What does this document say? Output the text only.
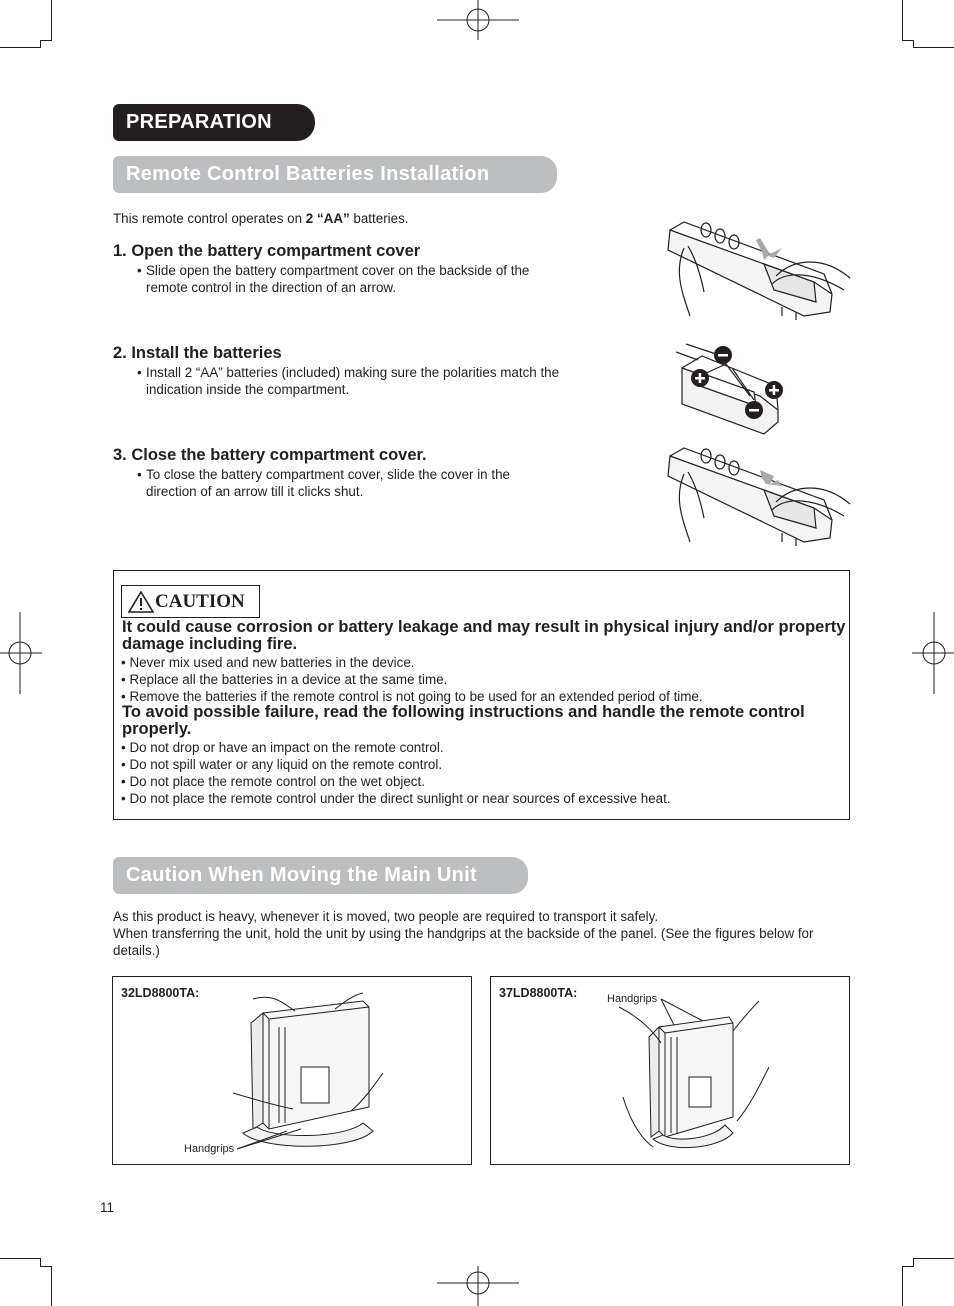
PREPARATION
Remote Control Batteries Installation
This remote control operates on 2 “AA” batteries.
1. Open the battery compartment cover
• Slide open the battery compartment cover on the backside of the remote control in the direction of an arrow.
2. Install the batteries
• Install 2 “AA” batteries (included) making sure the polarities match the indication inside the compartment.
3. Close the battery compartment cover.
• To close the battery compartment cover, slide the cover in the direction of an arrow till it clicks shut.
CAUTION
It could cause corrosion or battery leakage and may result in physical injury and/or property damage including fire.
• Never mix used and new batteries in the device.
• Replace all the batteries in a device at the same time.
• Remove the batteries if the remote control is not going to be used for an extended period of time.
To avoid possible failure, read the following instructions and handle the remote control properly.
• Do not drop or have an impact on the remote control.
• Do not spill water or any liquid on the remote control.
• Do not place the remote control on the wet object.
• Do not place the remote control under the direct sunlight or near sources of excessive heat.
Caution When Moving the Main Unit
As this product is heavy, whenever it is moved, two people are required to transport it safely.
When transferring the unit, hold the unit by using the handgrips at the backside of the panel. (See the figures below for details.)
32LD8800TA:
Handgrips
37LD8800TA:	Handgrips
11
